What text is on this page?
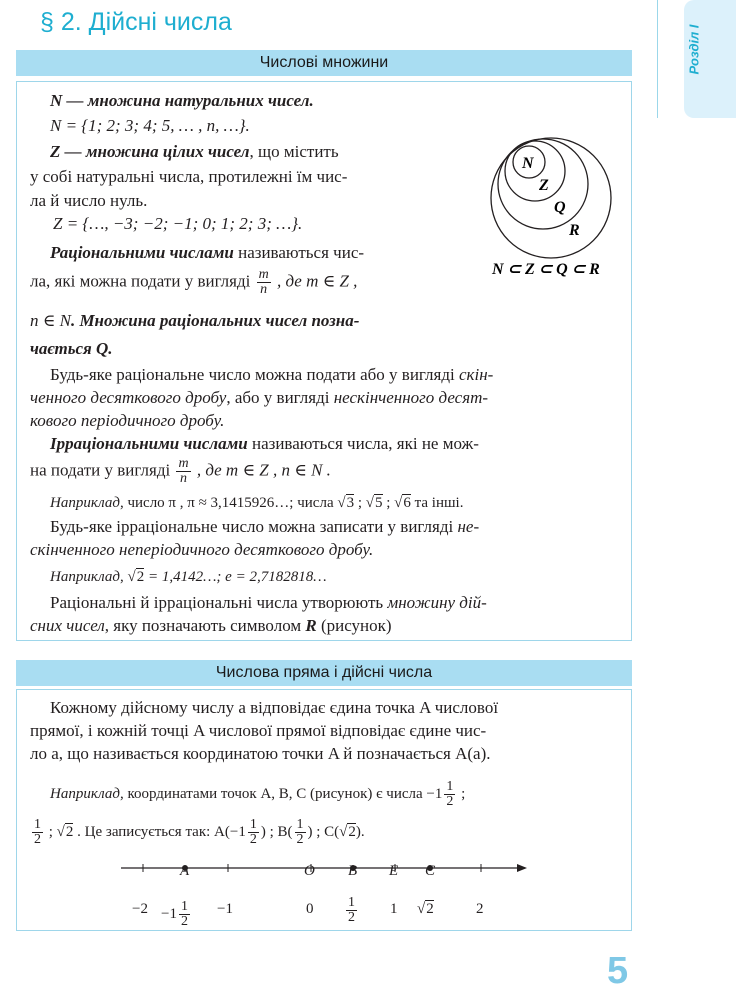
§ 2. Дійсні числа
Розділ І
Числові множини
N — множина натуральних чисел.
N = {1; 2; 3; 4; 5, … , n, …}.
Z — множина цілих чисел, що містить
у собі натуральні числа, протилежні їм чис-
ла й число нуль.
Z = {…, −3; −2; −1; 0; 1; 2; 3; …}.
Раціональними числами називаються чис-
ла, які можна подати у вигляді $\frac{m}{n}$ , де m ∈ Z ,
n ∈ N. Множина раціональних чисел позна-
чається Q.
Будь-яке раціональне число можна подати або у вигляді скін-
ченного десяткового дробу, або у вигляді нескінченного десят-
кового періодичного дробу.
Ірраціональними числами називаються числа, які не мож-
на подати у вигляді $\frac{m}{n}$ , де m ∈ Z , n ∈ N .
Наприклад, число π , π ≈ 3,1415926…; числа √3 ; √5 ; √6 та інші.
Будь-яке ірраціональне число можна записати у вигляді не-
скінченного неперіодичного десяткового дробу.
Наприклад, √2 = 1,4142…; e = 2,7182818…
Раціональні й ірраціональні числа утворюють множину дій-
сних чисел, яку позначають символом R (рисунок)
N
Z
Q
R
N ⊂ Z ⊂ Q ⊂ R
Числова пряма і дійсні числа
Кожному дійсному числу a відповідає єдина точка A числової
прямої, і кожній точці A числової прямої відповідає єдине чис-
ло a, що називається координатою точки A й позначається A(a).
Наприклад, координатами точок A, B, C (рисунок) є числа $-1 \frac{1}{2}$ ;
$\frac{1}{2}$ ; √2 . Це записується так: $A(-1 \frac{1}{2}$ ) ; $B( \frac{1}{2}$ ) ; C(√2).
A	O B E C
$-2 -1 \frac{1}{2} -1$	$0 \frac{1}{2} 1$ √2	2
5
